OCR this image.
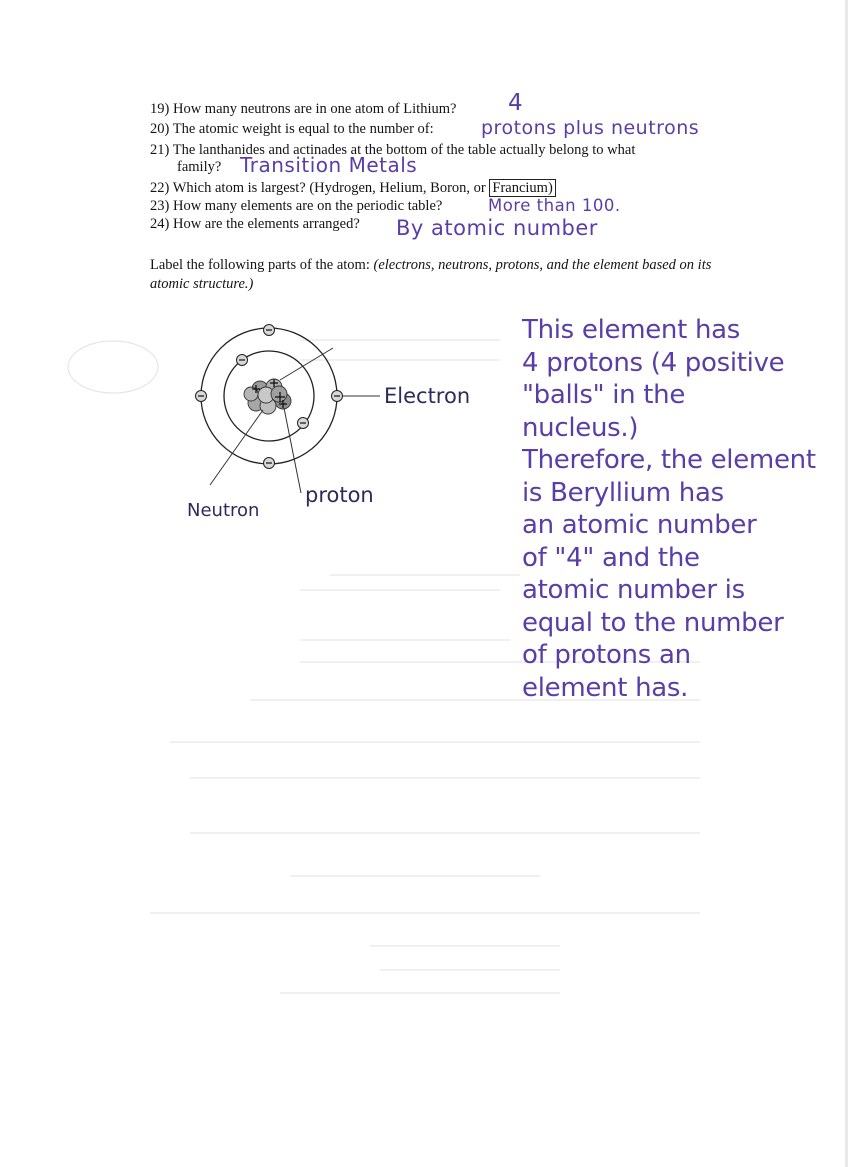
19) How many neutrons are in one atom of Lithium? 4
20) The atomic weight is equal to the number of: protons plus neutrons
21) The lanthanides and actinades at the bottom of the table actually belong to what
family? Transition Metals
22) Which atom is largest? (Hydrogen, Helium, Boron, or Francium)
23) How many elements are on the periodic table?	More than 100.
24) How are the elements arranged? By atomic number
Label the following parts of the atom: (electrons, neutrons, protons, and the element based on its atomic structure.)
Electron
Neutron
proton
This element has
4 protons (4 positive
"balls" in the
nucleus.)
Therefore, the element
is Beryllium has
an atomic number
of "4" and the
atomic number is
equal to the number
of protons an
element has.
